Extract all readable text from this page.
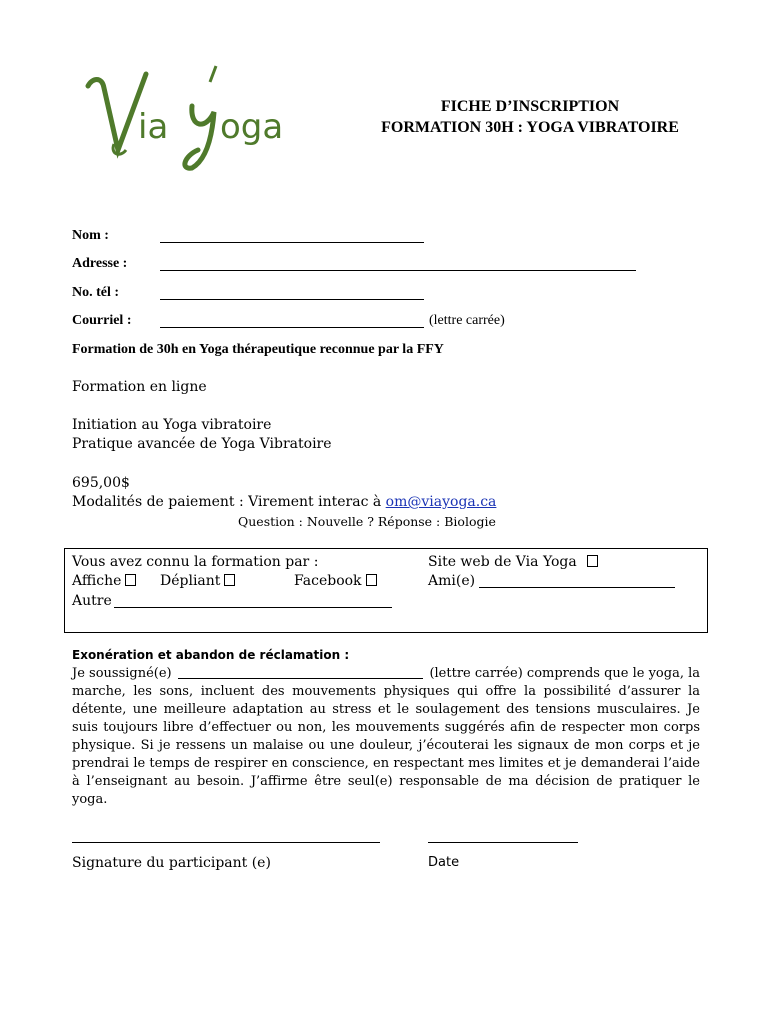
ia oga
FICHE D’INSCRIPTION
FORMATION 30H : YOGA VIBRATOIRE
Nom :
Adresse :
No. tél :
Courriel :	(lettre carrée)
Formation de 30h en Yoga thérapeutique reconnue par la FFY
Formation en ligne
Initiation au Yoga vibratoire
Pratique avancée de Yoga Vibratoire
695,00$
Modalités de paiement : Virement interac à om@viayoga.ca
Question : Nouvelle ? Réponse : Biologie
Vous avez connu la formation par :
Affiche	Dépliant	Facebook
Autre
Site web de Via Yoga
Ami(e)
Exonération et abandon de réclamation :
Je soussigné(e)	(lettre carrée) comprends que le yoga, la
marche, les sons, incluent des mouvements physiques qui offre la possibilité d’assurer la détente, une meilleure adaptation au stress et le soulagement des tensions musculaires. Je suis toujours libre d’effectuer ou non, les mouvements suggérés afin de respecter mon corps physique. Si je ressens un malaise ou une douleur, j’écouterai les signaux de mon corps et je prendrai le temps de respirer en conscience, en respectant mes limites et je demanderai l’aide à l’enseignant au besoin. J’affirme être seul(e) responsable de ma décision de pratiquer le yoga.
Signature du participant (e)	Date
